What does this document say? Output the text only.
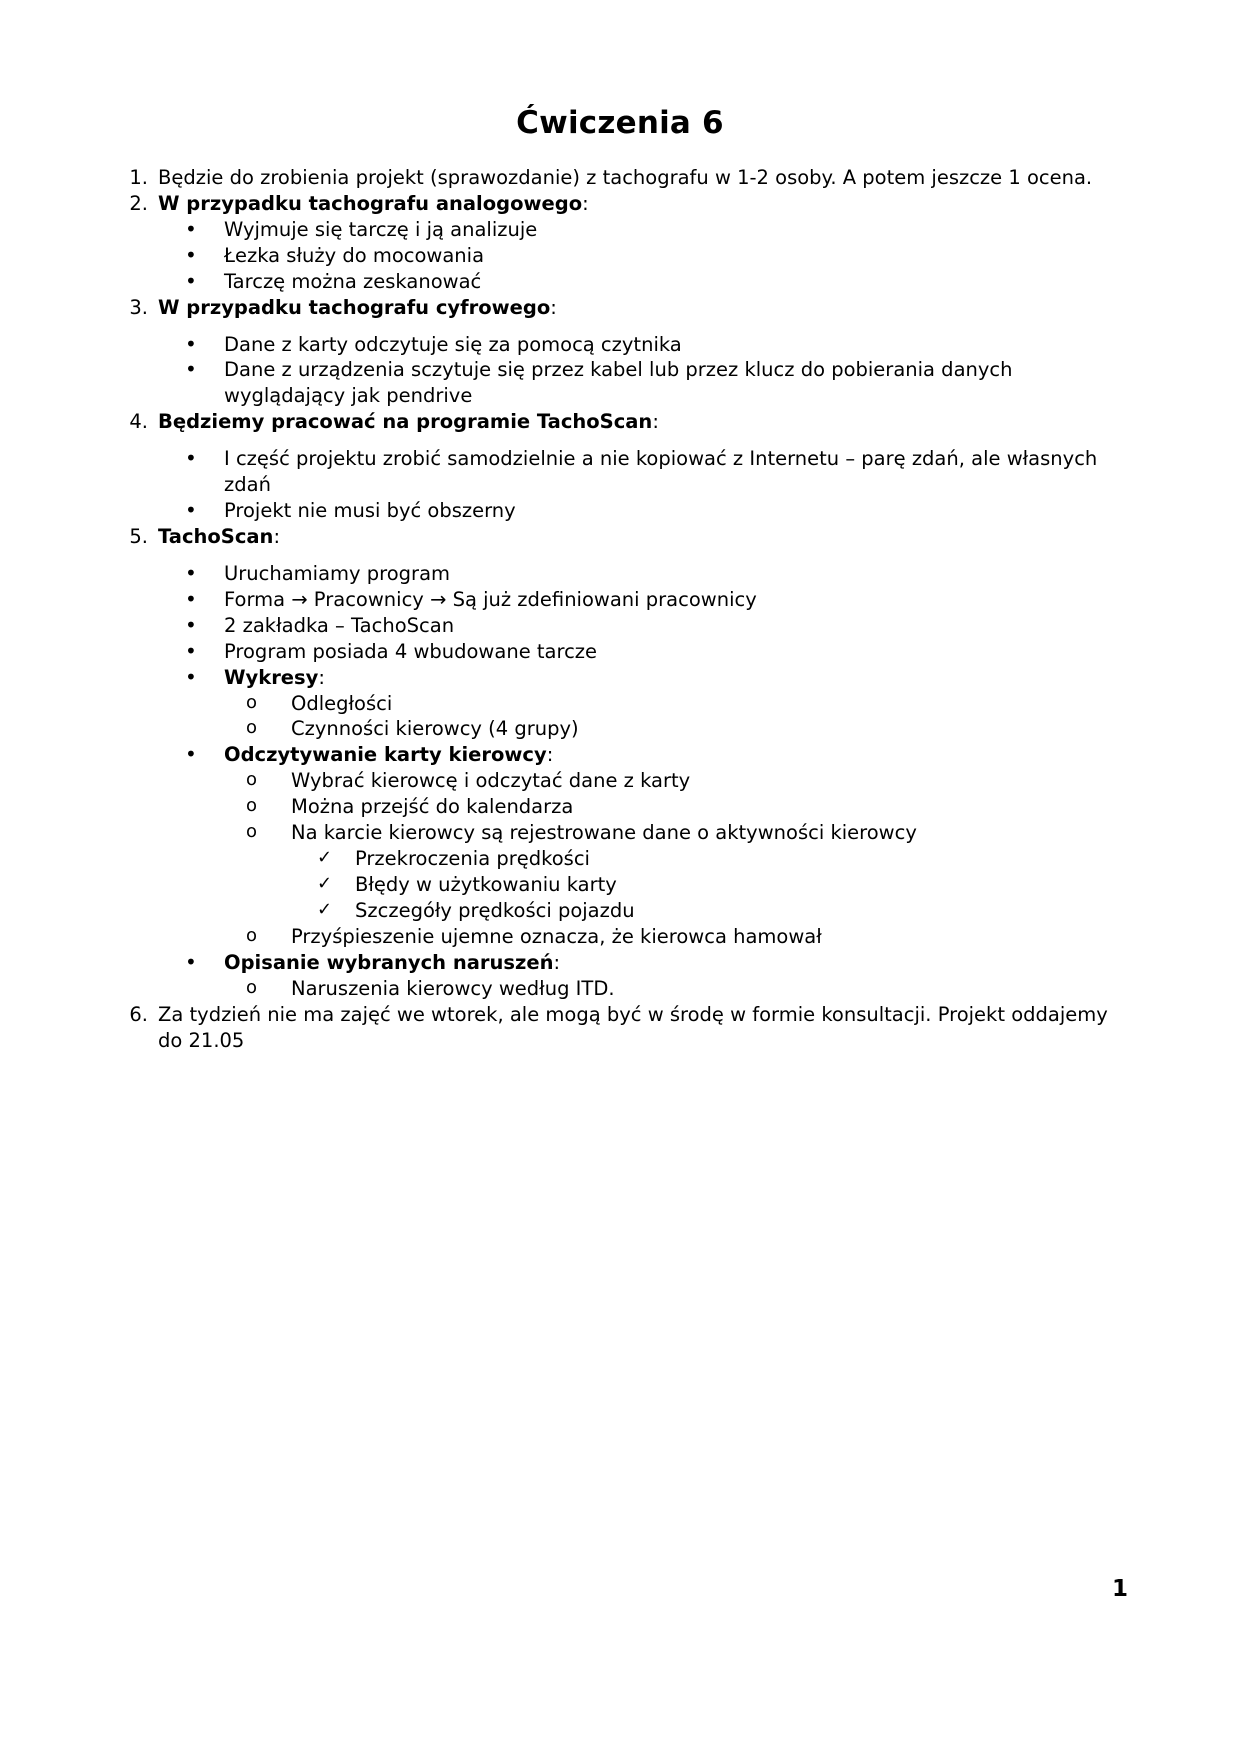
Ćwiczenia 6
1. Będzie do zrobienia projekt (sprawozdanie) z tachografu w 1-2 osoby. A potem jeszcze 1 ocena.
2. W przypadku tachografu analogowego:
• Wyjmuje się tarczę i ją analizuje
• Łezka służy do mocowania
• Tarczę można zeskanować
3. W przypadku tachografu cyfrowego:
• Dane z karty odczytuje się za pomocą czytnika
• Dane z urządzenia sczytuje się przez kabel lub przez klucz do pobierania danych wyglądający jak pendrive
4. Będziemy pracować na programie TachoScan:
• I część projektu zrobić samodzielnie a nie kopiować z Internetu – parę zdań, ale własnych zdań
• Projekt nie musi być obszerny
5. TachoScan:
• Uruchamiamy program
• Forma → Pracownicy → Są już zdefiniowani pracownicy
• 2 zakładka – TachoScan
• Program posiada 4 wbudowane tarcze
• Wykresy:
o Odległości
o Czynności kierowcy (4 grupy)
• Odczytywanie karty kierowcy:
o Wybrać kierowcę i odczytać dane z karty
o Można przejść do kalendarza
o Na karcie kierowcy są rejestrowane dane o aktywności kierowcy
✓ Przekroczenia prędkości
✓ Błędy w użytkowaniu karty
✓ Szczegóły prędkości pojazdu
o Przyśpieszenie ujemne oznacza, że kierowca hamował
• Opisanie wybranych naruszeń:
o Naruszenia kierowcy według ITD.
6. Za tydzień nie ma zajęć we wtorek, ale mogą być w środę w formie konsultacji. Projekt oddajemy do 21.05
1
